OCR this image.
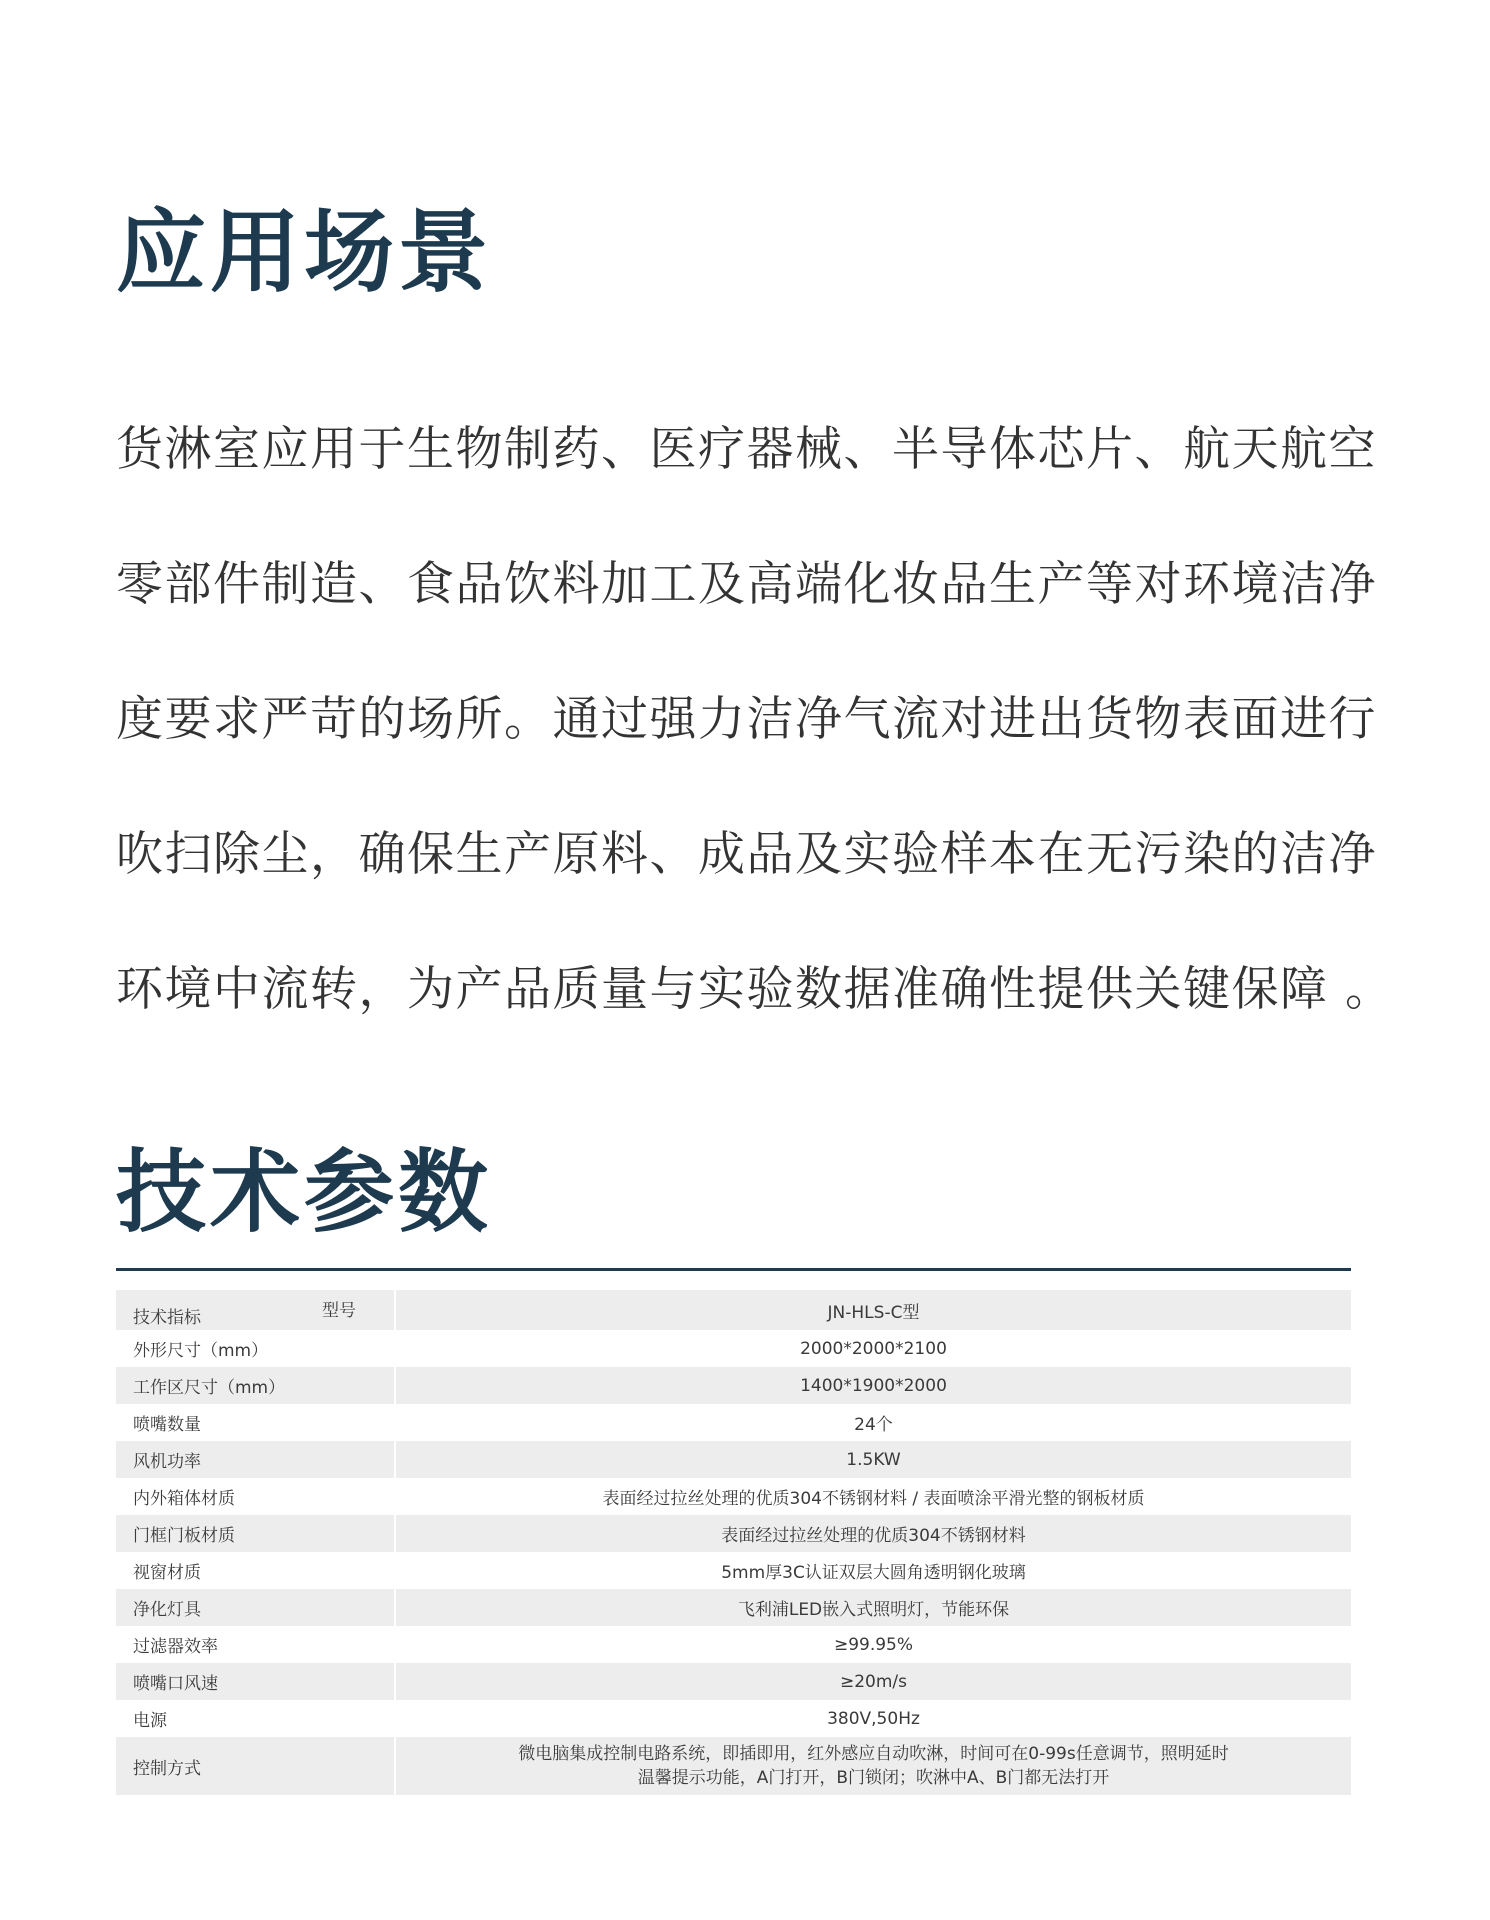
应用场景
货淋室应用于生物制药、医疗器械、半导体芯片、航天航空
零部件制造、食品饮料加工及高端化妆品生产等对环境洁净
度要求严苛的场所。通过强力洁净气流对进出货物表面进行
吹扫除尘，确保生产原料、成品及实验样本在无污染的洁净
环境中流转，为产品质量与实验数据准确性提供关键保障 。
技术参数
型号
技术指标	JN-HLS-C型
外形尺寸（mm）	2000*2000*2100
工作区尺寸（mm）	1400*1900*2000
喷嘴数量	24个
风机功率	1.5KW
内外箱体材质	表面经过拉丝处理的优质304不锈钢材料 / 表面喷涂平滑光整的钢板材质
门框门板材质	表面经过拉丝处理的优质304不锈钢材料
视窗材质	5mm厚3C认证双层大圆角透明钢化玻璃
净化灯具	飞利浦LED嵌入式照明灯，节能环保
过滤器效率	≥99.95%
喷嘴口风速	≥20m/s
电源	380V,50Hz
控制方式	微电脑集成控制电路系统，即插即用，红外感应自动吹淋，时间可在0-99s任意调节，照明延时
温馨提示功能，A门打开，B门锁闭；吹淋中A、B门都无法打开
